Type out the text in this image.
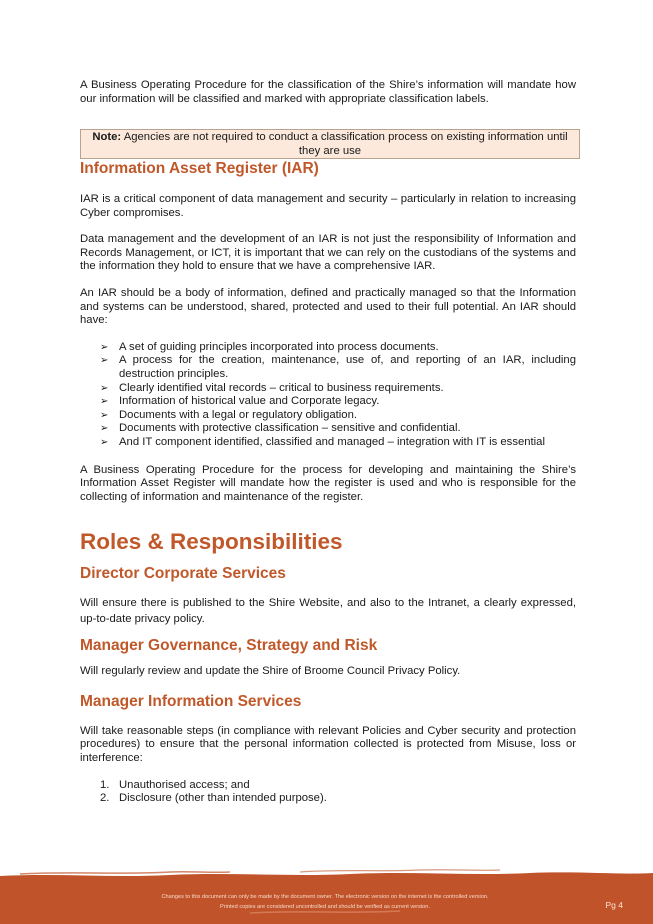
A Business Operating Procedure for the classification of the Shire’s information will mandate how our information will be classified and marked with appropriate classification labels.

Note: Agencies are not required to conduct a classification process on existing information until they are use
Information Asset Register (IAR)

IAR is a critical component of data management and security – particularly in relation to increasing Cyber compromises.

Data management and the development of an IAR is not just the responsibility of Information and Records Management, or ICT, it is important that we can rely on the custodians of the systems and the information they hold to ensure that we have a comprehensive IAR.

An IAR should be a body of information, defined and practically managed so that the Information and systems can be understood, shared, protected and used to their full potential. An IAR should have:

➢ A set of guiding principles incorporated into process documents.
➢ A process for the creation, maintenance, use of, and reporting of an IAR, including destruction principles.
➢ Clearly identified vital records – critical to business requirements.
➢ Information of historical value and Corporate legacy.
➢ Documents with a legal or regulatory obligation.
➢ Documents with protective classification – sensitive and confidential.
➢ And IT component identified, classified and managed – integration with IT is essential

A Business Operating Procedure for the process for developing and maintaining the Shire’s Information Asset Register will mandate how the register is used and who is responsible for the collecting of information and maintenance of the register.

Roles & Responsibilities
Director Corporate Services

Will ensure there is published to the Shire Website, and also to the Intranet, a clearly expressed, up-to-date privacy policy.

Manager Governance, Strategy and Risk

Will regularly review and update the Shire of Broome Council Privacy Policy.

Manager Information Services

Will take reasonable steps (in compliance with relevant Policies and Cyber security and protection procedures) to ensure that the personal information collected is protected from Misuse, loss or interference:

1. Unauthorised access; and
2. Disclosure (other than intended purpose).
Changes to this document can only be made by the document owner. The electronic version on the internet is the controlled version.
Printed copies are considered uncontrolled and should be verified as current version.	Pg 4
